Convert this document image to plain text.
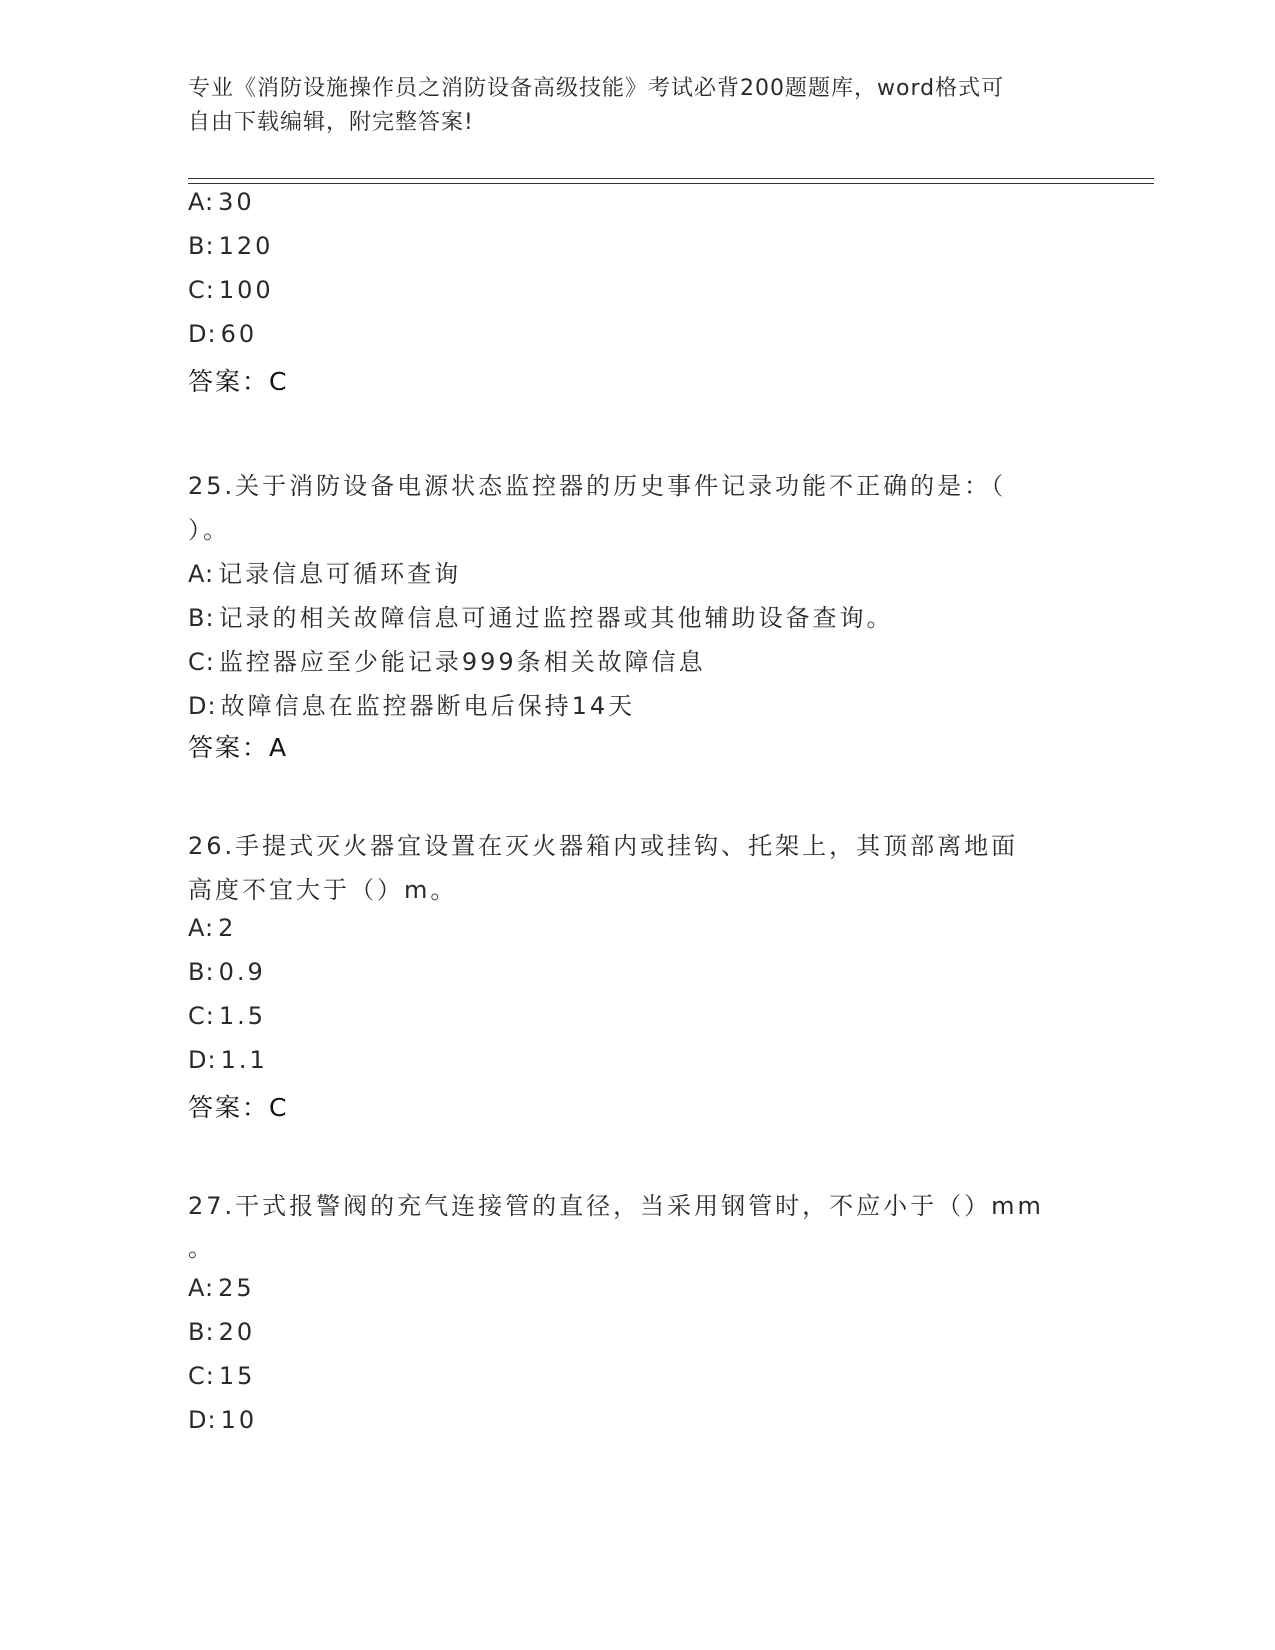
专业《消防设施操作员之消防设备高级技能》考试必背200题题库，word格式可
自由下载编辑，附完整答案!
A: 30
B: 120
C: 100
D: 60
答案：C
25.关于消防设备电源状态监控器的历史事件记录功能不正确的是：（
）。
A: 记录信息可循环查询
B: 记录的相关故障信息可通过监控器或其他辅助设备查询。
C: 监控器应至少能记录999条相关故障信息
D: 故障信息在监控器断电后保持14天
答案：A
26.手提式灭火器宜设置在灭火器箱内或挂钩、托架上，其顶部离地面
高度不宜大于（）m。
A: 2
B: 0.9
C: 1.5
D: 1.1
答案：C
27.干式报警阀的充气连接管的直径，当采用钢管时，不应小于（）mm
。
A: 25
B: 20
C: 15
D: 10
